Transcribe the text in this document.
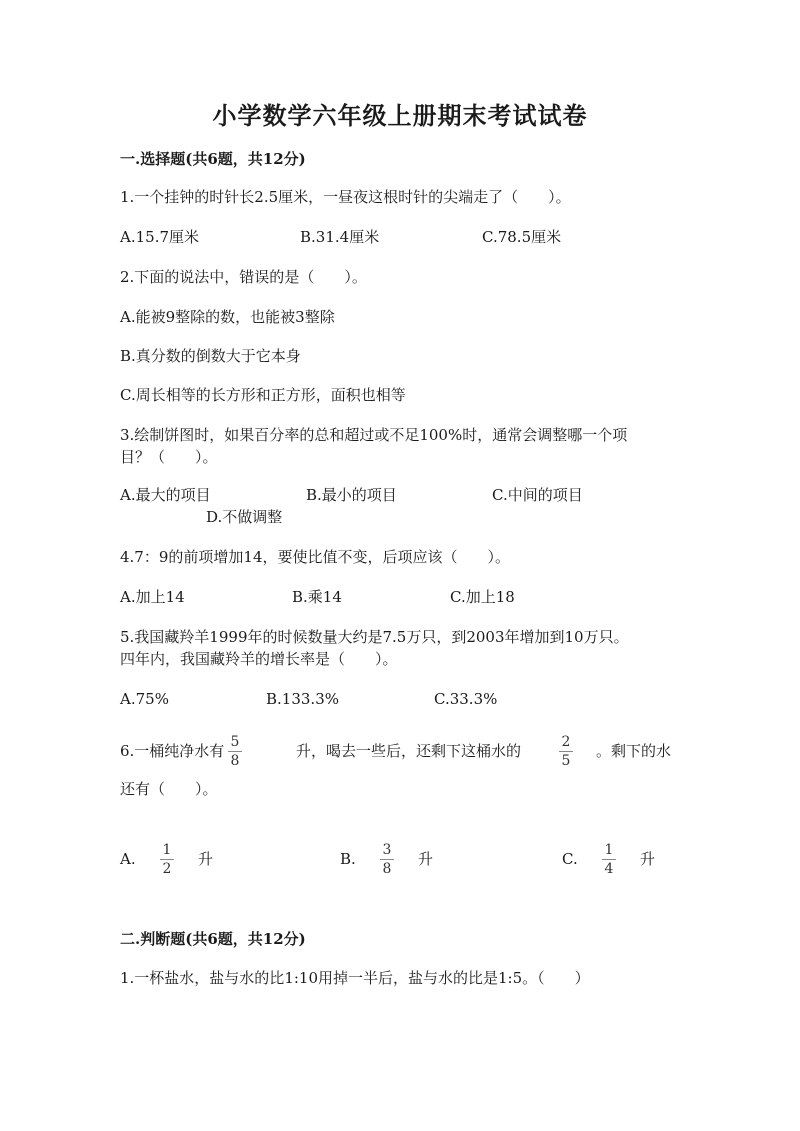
小学数学六年级上册期末考试试卷
一.选择题(共6题，共12分)
1.一个挂钟的时针长2.5厘米，一昼夜这根时针的尖端走了（　　）。
A.15.7厘米	B.31.4厘米	C.78.5厘米
2.下面的说法中，错误的是（　　）。
A.能被9整除的数，也能被3整除
B.真分数的倒数大于它本身
C.周长相等的长方形和正方形，面积也相等
3.绘制饼图时，如果百分率的总和超过或不足100%时，通常会调整哪一个项
目？（　　）。
A.最大的项目	B.最小的项目	C.中间的项目
D.不做调整
4.7：9的前项增加14，要使比值不变，后项应该（　　）。
A.加上14	B.乘14	C.加上18
5.我国藏羚羊1999年的时候数量大约是7.5万只，到2003年增加到10万只。
四年内，我国藏羚羊的增长率是（　　）。
A.75%	B.133.3%	C.33.3%
6.一桶纯净水有 5
8
升，喝去一些后，还剩下这桶水的	2
5
。剩下的水
还有（　　）。
A.	1
2
升	B.	3
8
升	C.	1
4
升
二.判断题(共6题，共12分)
1.一杯盐水，盐与水的比1:10用掉一半后，盐与水的比是1:5。（　　）
